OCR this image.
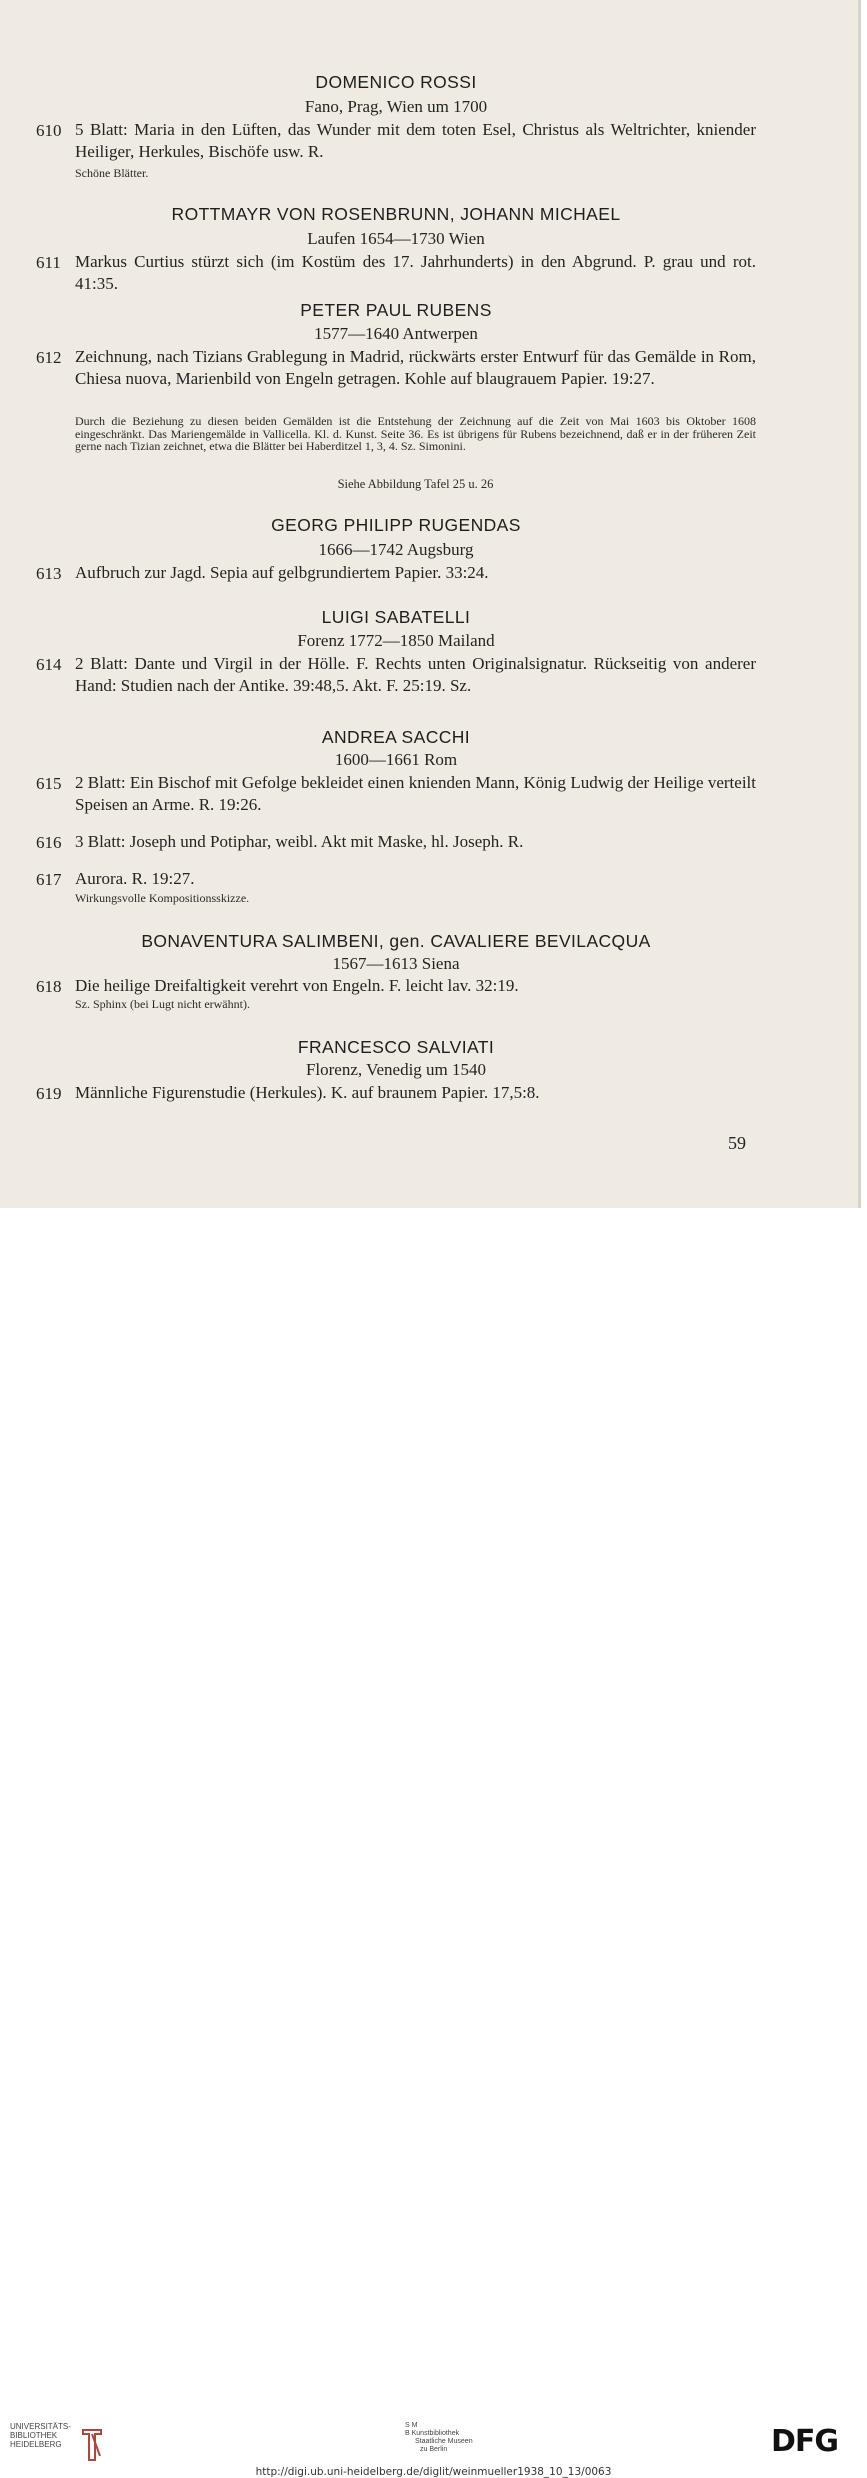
DOMENICO ROSSI
Fano, Prag, Wien um 1700
610 5 Blatt: Maria in den Lüften, das Wunder mit dem toten Esel, Christus als Weltrichter, kniender Heiliger, Herkules, Bischöfe usw. R.
Schöne Blätter.
ROTTMAYR VON ROSENBRUNN, JOHANN MICHAEL
Laufen 1654—1730 Wien
611 Markus Curtius stürzt sich (im Kostüm des 17. Jahrhunderts) in den Abgrund. P. grau und rot. 41:35.
PETER PAUL RUBENS
1577—1640 Antwerpen
612 Zeichnung, nach Tizians Grablegung in Madrid, rückwärts erster Entwurf für das Gemälde in Rom, Chiesa nuova, Marienbild von Engeln getragen. Kohle auf blaugrauem Papier. 19:27.
Durch die Beziehung zu diesen beiden Gemälden ist die Entstehung der Zeichnung auf die Zeit von Mai 1603 bis Oktober 1608 eingeschränkt. Das Mariengemälde in Vallicella. Kl. d. Kunst. Seite 36. Es ist übrigens für Rubens bezeichnend, daß er in der früheren Zeit gerne nach Tizian zeichnet, etwa die Blätter bei Haberditzel 1, 3, 4. Sz. Simonini.
Siehe Abbildung Tafel 25 u. 26
GEORG PHILIPP RUGENDAS
1666—1742 Augsburg
613 Aufbruch zur Jagd. Sepia auf gelbgrundiertem Papier. 33:24.
LUIGI SABATELLI
Forenz 1772—1850 Mailand
614 2 Blatt: Dante und Virgil in der Hölle. F. Rechts unten Originalsignatur. Rückseitig von anderer Hand: Studien nach der Antike. 39:48,5. Akt. F. 25:19. Sz.
ANDREA SACCHI
1600—1661 Rom
615 2 Blatt: Ein Bischof mit Gefolge bekleidet einen knienden Mann, König Ludwig der Heilige verteilt Speisen an Arme. R. 19:26.
616 3 Blatt: Joseph und Potiphar, weibl. Akt mit Maske, hl. Joseph. R.
617 Aurora. R. 19:27.
Wirkungsvolle Kompositionsskizze.
BONAVENTURA SALIMBENI, gen. CAVALIERE BEVILACQUA
1567—1613 Siena
618 Die heilige Dreifaltigkeit verehrt von Engeln. F. leicht lav. 32:19.
Sz. Sphinx (bei Lugt nicht erwähnt).
FRANCESCO SALVIATI
Florenz, Venedig um 1540
619 Männliche Figurenstudie (Herkules). K. auf braunem Papier. 17,5:8.
59
UNIVERSITÄTS-
BIBLIOTHEK
HEIDELBERG
S M
B Kunstbibliothek
Staatliche Museen
zu Berlin
http://digi.ub.uni-heidelberg.de/diglit/weinmueller1938_10_13/0063
DFG
